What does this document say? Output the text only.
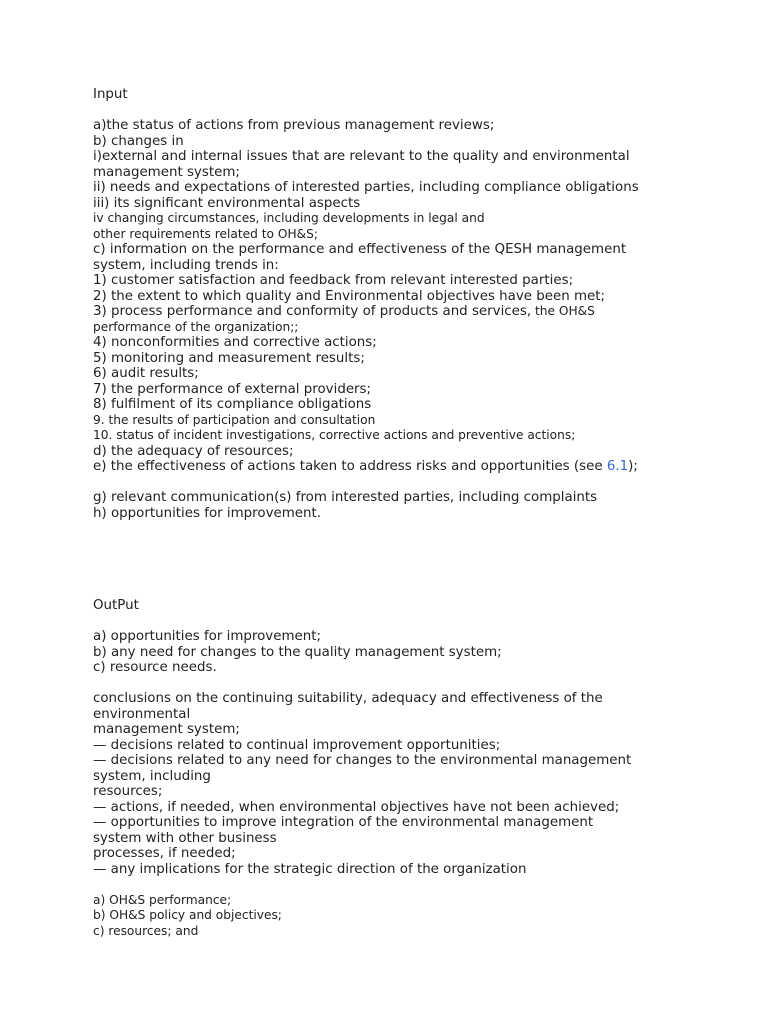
Input
a)the status of actions from previous management reviews;
b) changes in
i)external and internal issues that are relevant to the quality and environmental
management system;
ii) needs and expectations of interested parties, including compliance obligations
iii) its significant environmental aspects
iv changing circumstances, including developments in legal and
other requirements related to OH&S;
c) information on the performance and effectiveness of the QESH management
system, including trends in:
1) customer satisfaction and feedback from relevant interested parties;
2) the extent to which quality and Environmental objectives have been met;
3) process performance and conformity of products and services, the OH&S
performance of the organization;;
4) nonconformities and corrective actions;
5) monitoring and measurement results;
6) audit results;
7) the performance of external providers;
8) fulfilment of its compliance obligations
9. the results of participation and consultation
10. status of incident investigations, corrective actions and preventive actions;
d) the adequacy of resources;
e) the effectiveness of actions taken to address risks and opportunities (see 6.1);
g) relevant communication(s) from interested parties, including complaints
h) opportunities for improvement.
OutPut
a) opportunities for improvement;
b) any need for changes to the quality management system;
c) resource needs.
conclusions on the continuing suitability, adequacy and effectiveness of the
environmental
management system;
— decisions related to continual improvement opportunities;
— decisions related to any need for changes to the environmental management
system, including
resources;
— actions, if needed, when environmental objectives have not been achieved;
— opportunities to improve integration of the environmental management
system with other business
processes, if needed;
— any implications for the strategic direction of the organization
a) OH&S performance;
b) OH&S policy and objectives;
c) resources; and
